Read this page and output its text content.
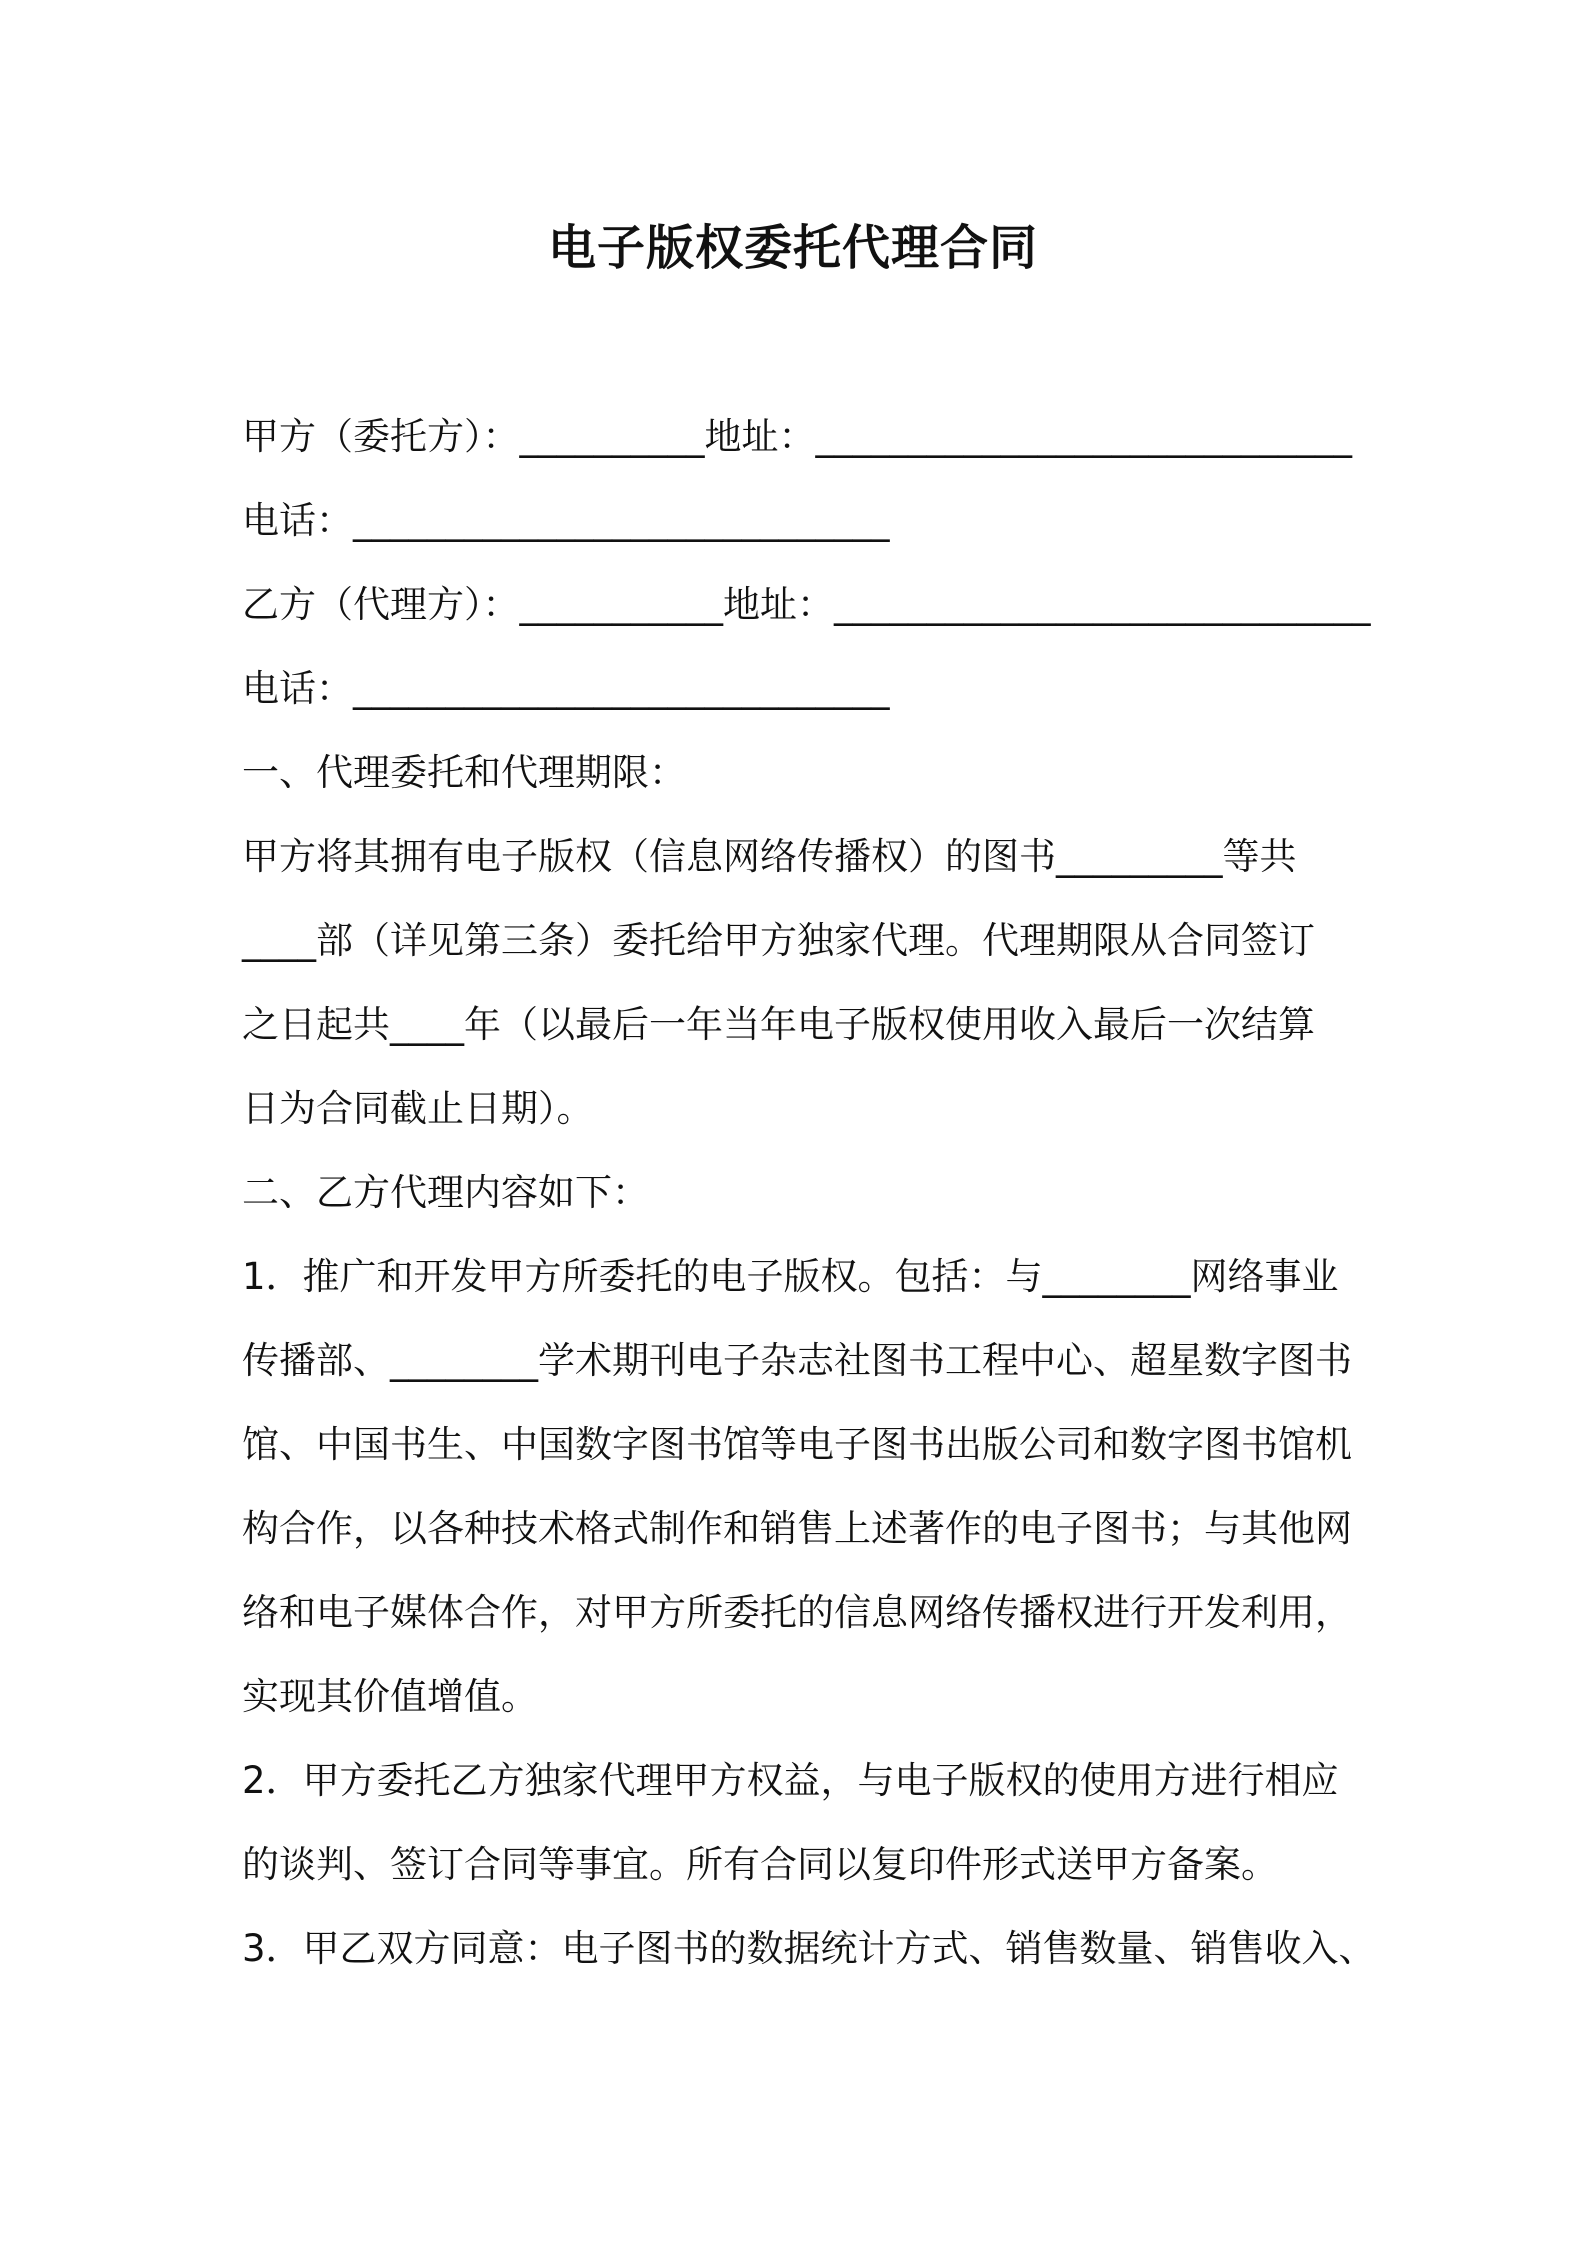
电子版权委托代理合同
甲方（委托方）：__________地址：_____________________________
电话：_____________________________
乙方（代理方）：___________地址：_____________________________
电话：_____________________________
一、代理委托和代理期限：
甲方将其拥有电子版权（信息网络传播权）的图书_________等共
____部（详见第三条）委托给甲方独家代理。代理期限从合同签订
之日起共____年（以最后一年当年电子版权使用收入最后一次结算
日为合同截止日期）。
二、乙方代理内容如下：
1．推广和开发甲方所委托的电子版权。包括：与________网络事业
传播部、________学术期刊电子杂志社图书工程中心、超星数字图书
馆、中国书生、中国数字图书馆等电子图书出版公司和数字图书馆机
构合作，以各种技术格式制作和销售上述著作的电子图书；与其他网
络和电子媒体合作，对甲方所委托的信息网络传播权进行开发利用，
实现其价值增值。
2．甲方委托乙方独家代理甲方权益，与电子版权的使用方进行相应
的谈判、签订合同等事宜。所有合同以复印件形式送甲方备案。
3．甲乙双方同意：电子图书的数据统计方式、销售数量、销售收入、
